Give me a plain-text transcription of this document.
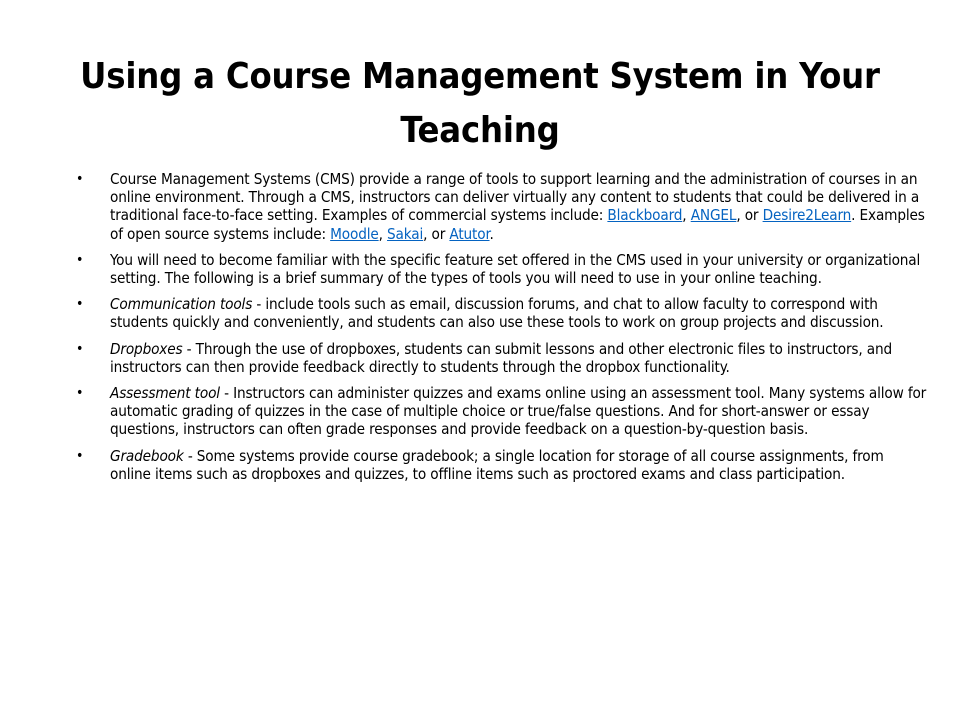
Using a Course Management System in Your Teaching
• Course Management Systems (CMS) provide a range of tools to support learning and the administration of courses in an online environment. Through a CMS, instructors can deliver virtually any content to students that could be delivered in a traditional face-to-face setting. Examples of commercial systems include: Blackboard, ANGEL, or Desire2Learn. Examples of open source systems include: Moodle, Sakai, or Atutor.
• You will need to become familiar with the specific feature set offered in the CMS used in your university or organizational setting. The following is a brief summary of the types of tools you will need to use in your online teaching.
• Communication tools - include tools such as email, discussion forums, and chat to allow faculty to correspond with students quickly and conveniently, and students can also use these tools to work on group projects and discussion.
• Dropboxes - Through the use of dropboxes, students can submit lessons and other electronic files to instructors, and instructors can then provide feedback directly to students through the dropbox functionality.
• Assessment tool - Instructors can administer quizzes and exams online using an assessment tool. Many systems allow for automatic grading of quizzes in the case of multiple choice or true/false questions. And for short-answer or essay questions, instructors can often grade responses and provide feedback on a question-by-question basis.
• Gradebook - Some systems provide course gradebook; a single location for storage of all course assignments, from online items such as dropboxes and quizzes, to offline items such as proctored exams and class participation.
